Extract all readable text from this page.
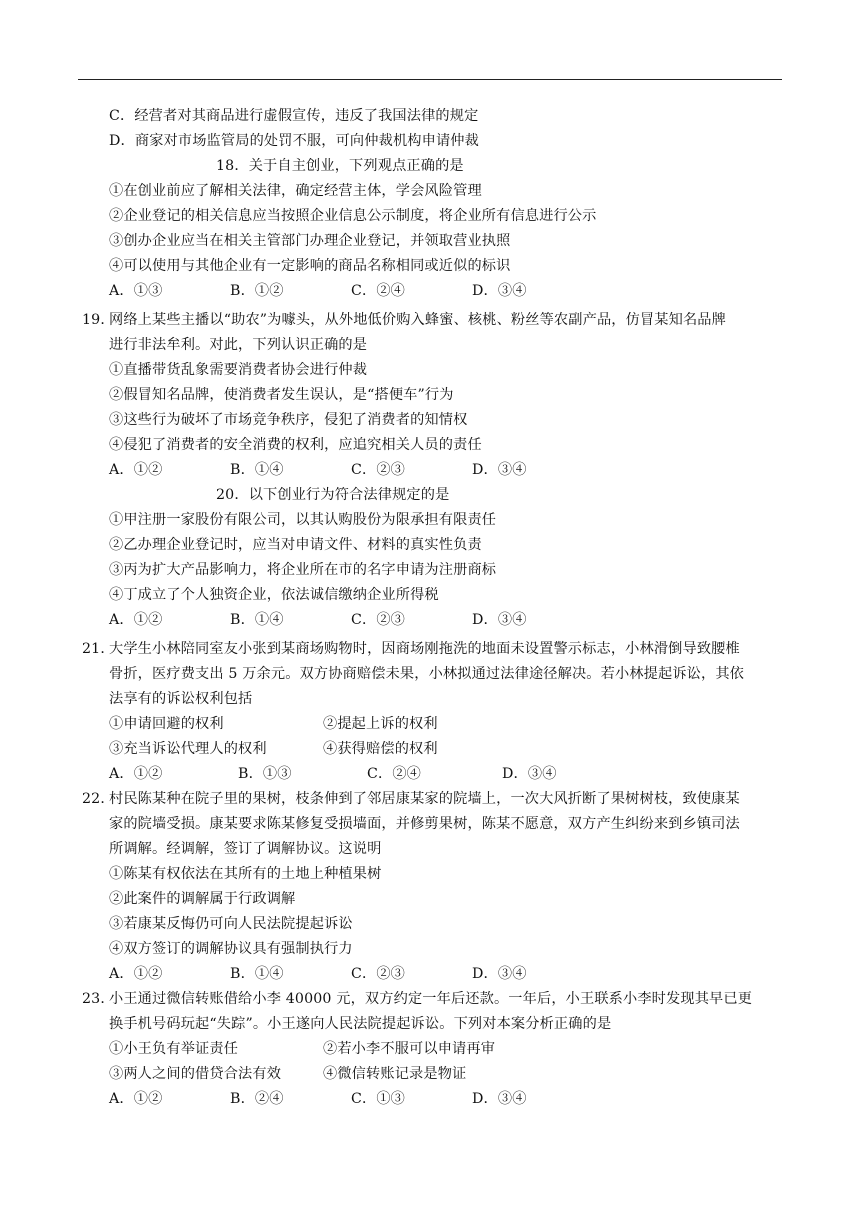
C．经营者对其商品进行虚假宣传，违反了我国法律的规定
D．商家对市场监管局的处罚不服，可向仲裁机构申请仲裁
18．关于自主创业，下列观点正确的是
①在创业前应了解相关法律，确定经营主体，学会风险管理
②企业登记的相关信息应当按照企业信息公示制度，将企业所有信息进行公示
③创办企业应当在相关主管部门办理企业登记，并领取营业执照
④可以使用与其他企业有一定影响的商品名称相同或近似的标识
A．①③	B．①②	C．②④	D．③④
19．
网络上某些主播以“助农”为噱头，从外地低价购入蜂蜜、核桃、粉丝等农副产品，仿冒某知名品牌
进行非法牟利。对此，下列认识正确的是
①直播带货乱象需要消费者协会进行仲裁
②假冒知名品牌，使消费者发生误认，是“搭便车”行为
③这些行为破坏了市场竞争秩序，侵犯了消费者的知情权
④侵犯了消费者的安全消费的权利，应追究相关人员的责任
A．①②	B．①④	C．②③	D．③④
20．以下创业行为符合法律规定的是
①甲注册一家股份有限公司，以其认购股份为限承担有限责任
②乙办理企业登记时，应当对申请文件、材料的真实性负责
③丙为扩大产品影响力，将企业所在市的名字申请为注册商标
④丁成立了个人独资企业，依法诚信缴纳企业所得税
A．①②	B．①④	C．②③	D．③④
21．
大学生小林陪同室友小张到某商场购物时，因商场刚拖洗的地面未设置警示标志，小林滑倒导致腰椎
骨折，医疗费支出 5 万余元。双方协商赔偿未果，小林拟通过法律途径解决。若小林提起诉讼，其依
法享有的诉讼权利包括
①申请回避的权利	②提起上诉的权利
③充当诉讼代理人的权利	④获得赔偿的权利
A．①②	B．①③	C．②④	D．③④
22．
村民陈某种在院子里的果树，枝条伸到了邻居康某家的院墙上，一次大风折断了果树树枝，致使康某
家的院墙受损。康某要求陈某修复受损墙面，并修剪果树，陈某不愿意，双方产生纠纷来到乡镇司法
所调解。经调解，签订了调解协议。这说明
①陈某有权依法在其所有的土地上种植果树
②此案件的调解属于行政调解
③若康某反悔仍可向人民法院提起诉讼
④双方签订的调解协议具有强制执行力
A．①②	B．①④	C．②③	D．③④
23．
小王通过微信转账借给小李 40000 元，双方约定一年后还款。一年后，小王联系小李时发现其早已更
换手机号码玩起“失踪”。小王遂向人民法院提起诉讼。下列对本案分析正确的是
①小王负有举证责任	②若小李不服可以申请再审
③两人之间的借贷合法有效	④微信转账记录是物证
A．①②	B．②④	C．①③	D．③④
